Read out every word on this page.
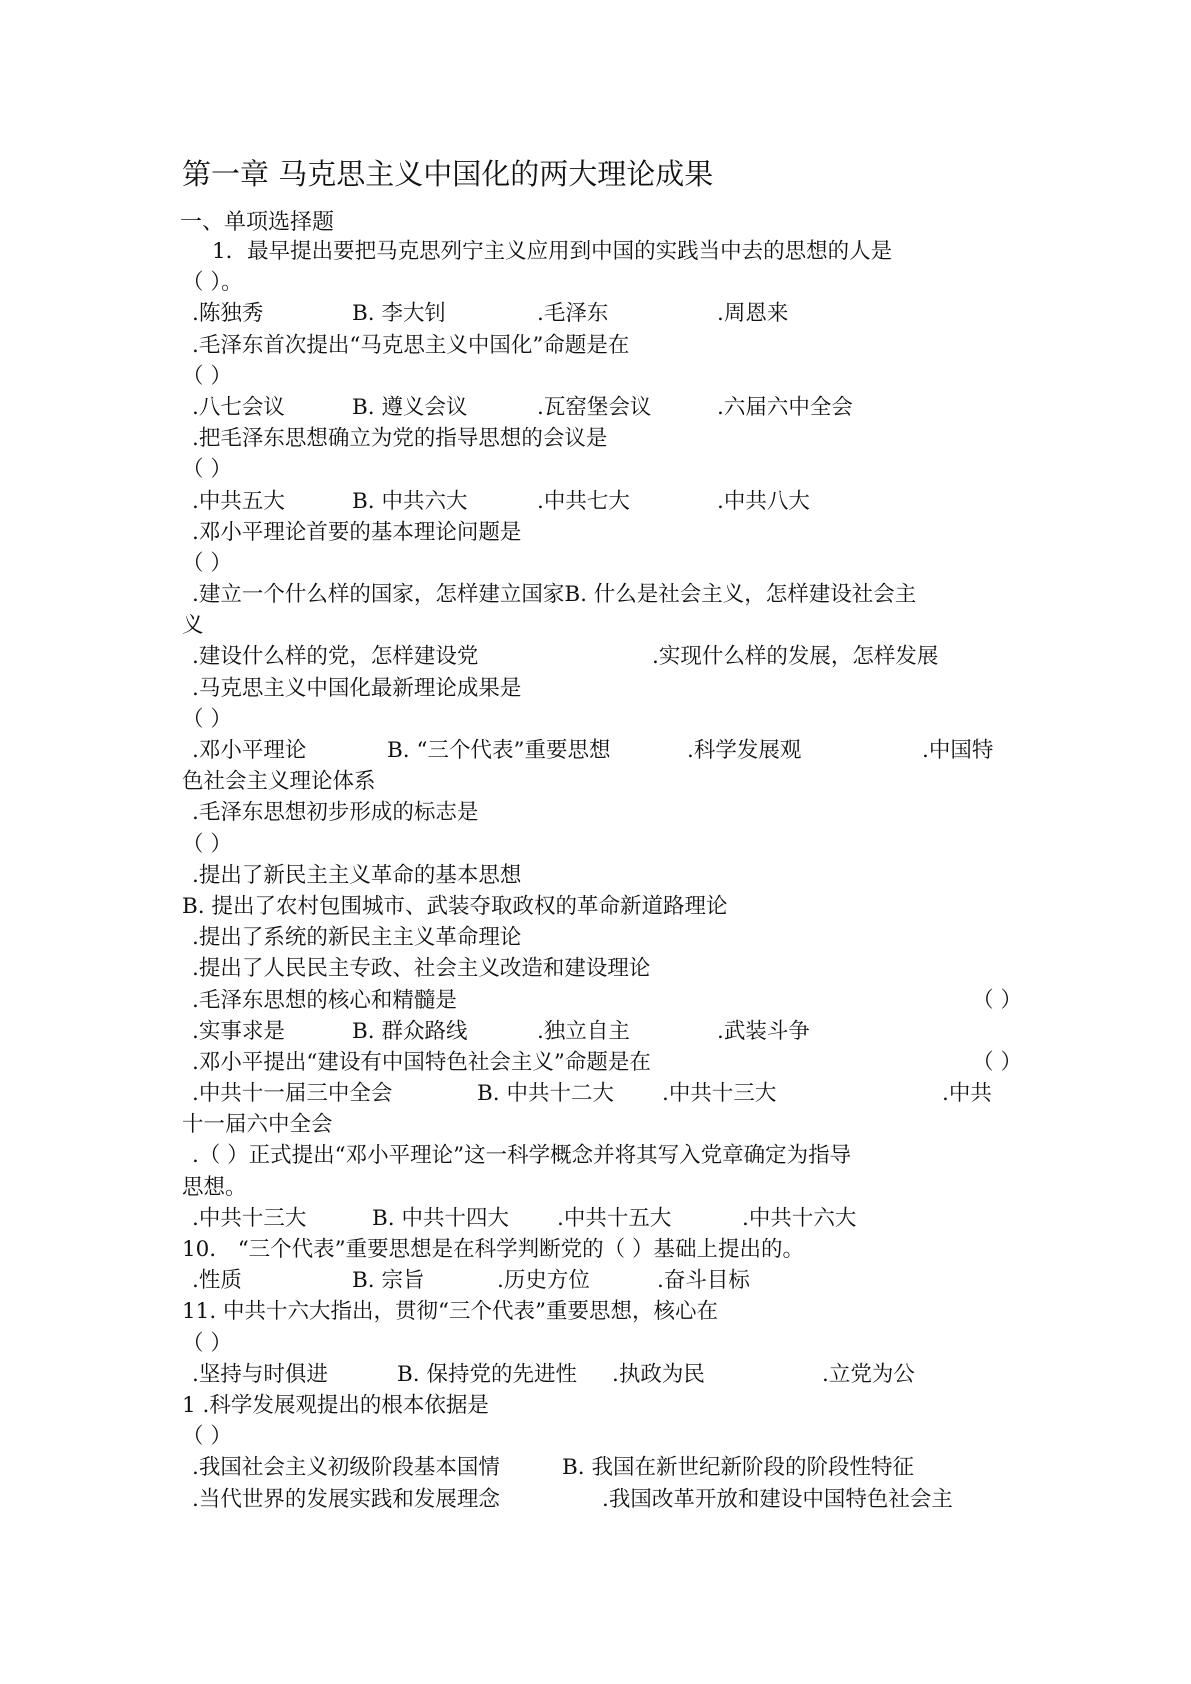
第一章 马克思主义中国化的两大理论成果
一、单项选择题
1．最早提出要把马克思列宁主义应用到中国的实践当中去的思想的人是
（ ）。
.陈独秀	B. 李大钊	.毛泽东	.周恩来
.毛泽东首次提出“马克思主义中国化”命题是在
（ ）
.八七会议	B. 遵义会议	.瓦窑堡会议	.六届六中全会
.把毛泽东思想确立为党的指导思想的会议是
（ ）
.中共五大	B. 中共六大	.中共七大	.中共八大
.邓小平理论首要的基本理论问题是
（ ）
.建立一个什么样的国家，怎样建立国家B. 什么是社会主义，怎样建设社会主
义
.建设什么样的党，怎样建设党	.实现什么样的发展，怎样发展
.马克思主义中国化最新理论成果是
（ ）
.邓小平理论	B. “三个代表”重要思想	.科学发展观	.中国特
色社会主义理论体系
.毛泽东思想初步形成的标志是
（ ）
.提出了新民主主义革命的基本思想
B. 提出了农村包围城市、武装夺取政权的革命新道路理论
.提出了系统的新民主主义革命理论
.提出了人民民主专政、社会主义改造和建设理论
.毛泽东思想的核心和精髓是	（ ）
.实事求是	B. 群众路线	.独立自主	.武装斗争
.邓小平提出“建设有中国特色社会主义”命题是在	（ ）
.中共十一届三中全会	B. 中共十二大 .中共十三大	.中共
十一届六中全会
.（ ）正式提出“邓小平理论”这一科学概念并将其写入党章确定为指导
思想。
.中共十三大	B. 中共十四大 .中共十五大	.中共十六大
10． “三个代表”重要思想是在科学判断党的（ ）基础上提出的。
.性质	B. 宗旨	.历史方位	.奋斗目标
11. 中共十六大指出，贯彻“三个代表”重要思想，核心在
（ ）
.坚持与时俱进	B. 保持党的先进性 .执政为民	.立党为公
1 .科学发展观提出的根本依据是
（ ）
.我国社会主义初级阶段基本国情	B. 我国在新世纪新阶段的阶段性特征
.当代世界的发展实践和发展理念	.我国改革开放和建设中国特色社会主
